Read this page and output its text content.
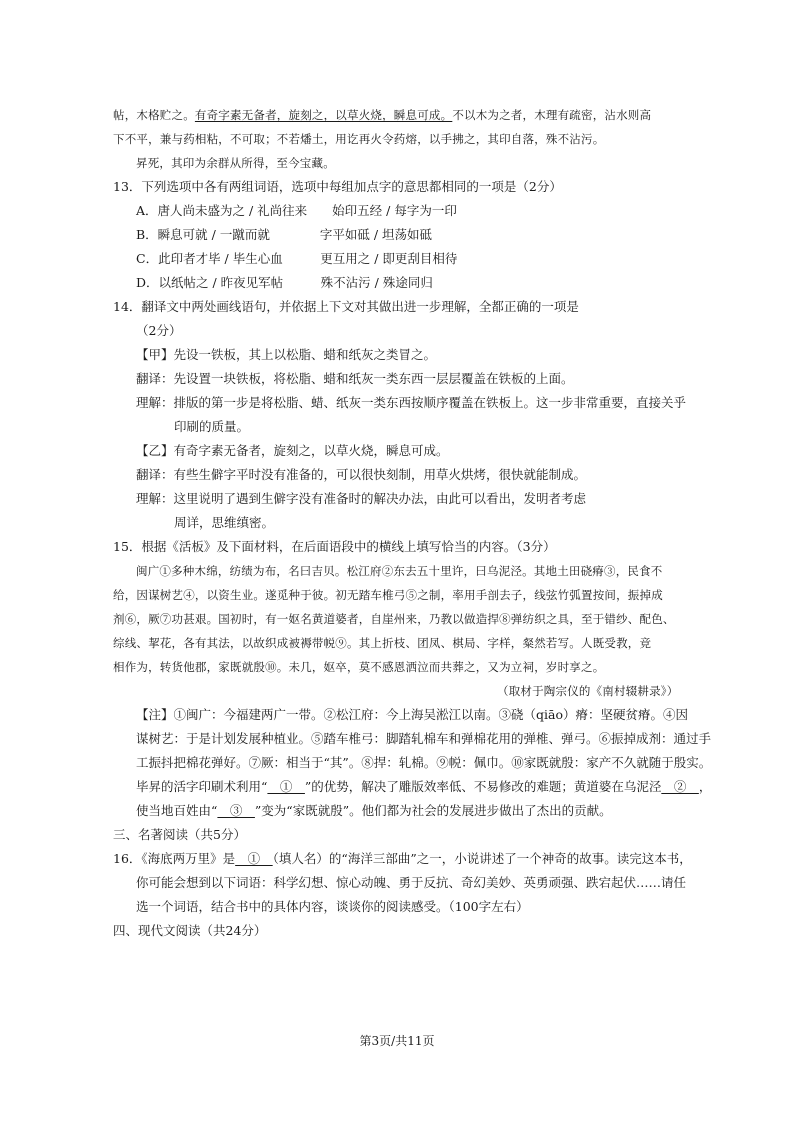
帖，木格贮之。有奇字素无备者，旋刻之，以草火烧，瞬息可成。不以木为之者，木理有疏密，沾水则高

下不平，兼与药相粘，不可取；不若燔土，用讫再火令药熔，以手拂之，其印自落，殊不沾污。

昇死，其印为余群从所得，至今宝藏。

13．下列选项中各有两组词语，选项中每组加点字的意思都相同的一项是（2分）

A．唐人尚未盛为之 / 礼尚往来　　始印五经 / 每字为一印

B．瞬息可就 / 一蹴而就　　　　字平如砥 / 坦荡如砥

C．此印者才毕 / 毕生心血　　　更互用之 / 即更刮目相待

D．以纸帖之 / 昨夜见军帖　　　殊不沾污 / 殊途同归

14．翻译文中两处画线语句，并依据上下文对其做出进一步理解，全都正确的一项是

（2分）

【甲】先设一铁板，其上以松脂、蜡和纸灰之类冒之。

翻译：先设置一块铁板，将松脂、蜡和纸灰一类东西一层层覆盖在铁板的上面。

理解：排版的第一步是将松脂、蜡、纸灰一类东西按顺序覆盖在铁板上。这一步非常重要，直接关乎

印刷的质量。

【乙】有奇字素无备者，旋刻之，以草火烧，瞬息可成。

翻译：有些生僻字平时没有准备的，可以很快刻制，用草火烘烤，很快就能制成。

理解：这里说明了遇到生僻字没有准备时的解决办法，由此可以看出，发明者考虑

周详，思维缜密。

15．根据《活板》及下面材料，在后面语段中的横线上填写恰当的内容。（3分）

闽广①多种木绵，纺绩为布，名曰吉贝。松江府②东去五十里许，曰乌泥泾。其地土田硗瘠③，民食不

给，因谋树艺④，以资生业。遂觅种于彼。初无踏车椎弓⑤之制，率用手剖去子，线弦竹弧置按间，振掉成

剂⑥，厥⑦功甚艰。国初时，有一妪名黄道婆者，自崖州来，乃教以做造捍⑧弹纺织之具，至于错纱、配色、

综线、挈花，各有其法，以故织成被褥带帨⑨。其上折枝、团凤、棋局、字样，粲然若写。人既受教，竞

相作为，转货他郡，家既就殷⑩。未几，妪卒，莫不感恩洒泣而共葬之，又为立祠，岁时享之。

（取材于陶宗仪的《南村辍耕录》）

【注】①闽广：今福建两广一带。②松江府：今上海吴淞江以南。③硗（qiāo）瘠：坚硬贫瘠。④因

谋树艺：于是计划发展种植业。⑤踏车椎弓：脚踏轧棉车和弹棉花用的弹椎、弹弓。⑥振掉成剂：通过手

工振抖把棉花弹好。⑦厥：相当于“其”。⑧捍：轧棉。⑨帨：佩巾。⑩家既就殷：家产不久就随于殷实。

毕昇的活字印刷术利用“　①　”的优势，解决了雕版效率低、不易修改的难题；黄道婆在乌泥泾　②　，

使当地百姓由“　③　”变为“家既就殷”。他们都为社会的发展进步做出了杰出的贡献。

三、名著阅读（共5分）

16．《海底两万里》是　①　（填人名）的“海洋三部曲”之一，小说讲述了一个神奇的故事。读完这本书，

你可能会想到以下词语：科学幻想、惊心动魄、勇于反抗、奇幻美妙、英勇顽强、跌宕起伏……请任

选一个词语，结合书中的具体内容，谈谈你的阅读感受。（100字左右）

四、现代文阅读（共24分）

第3页/共11页
